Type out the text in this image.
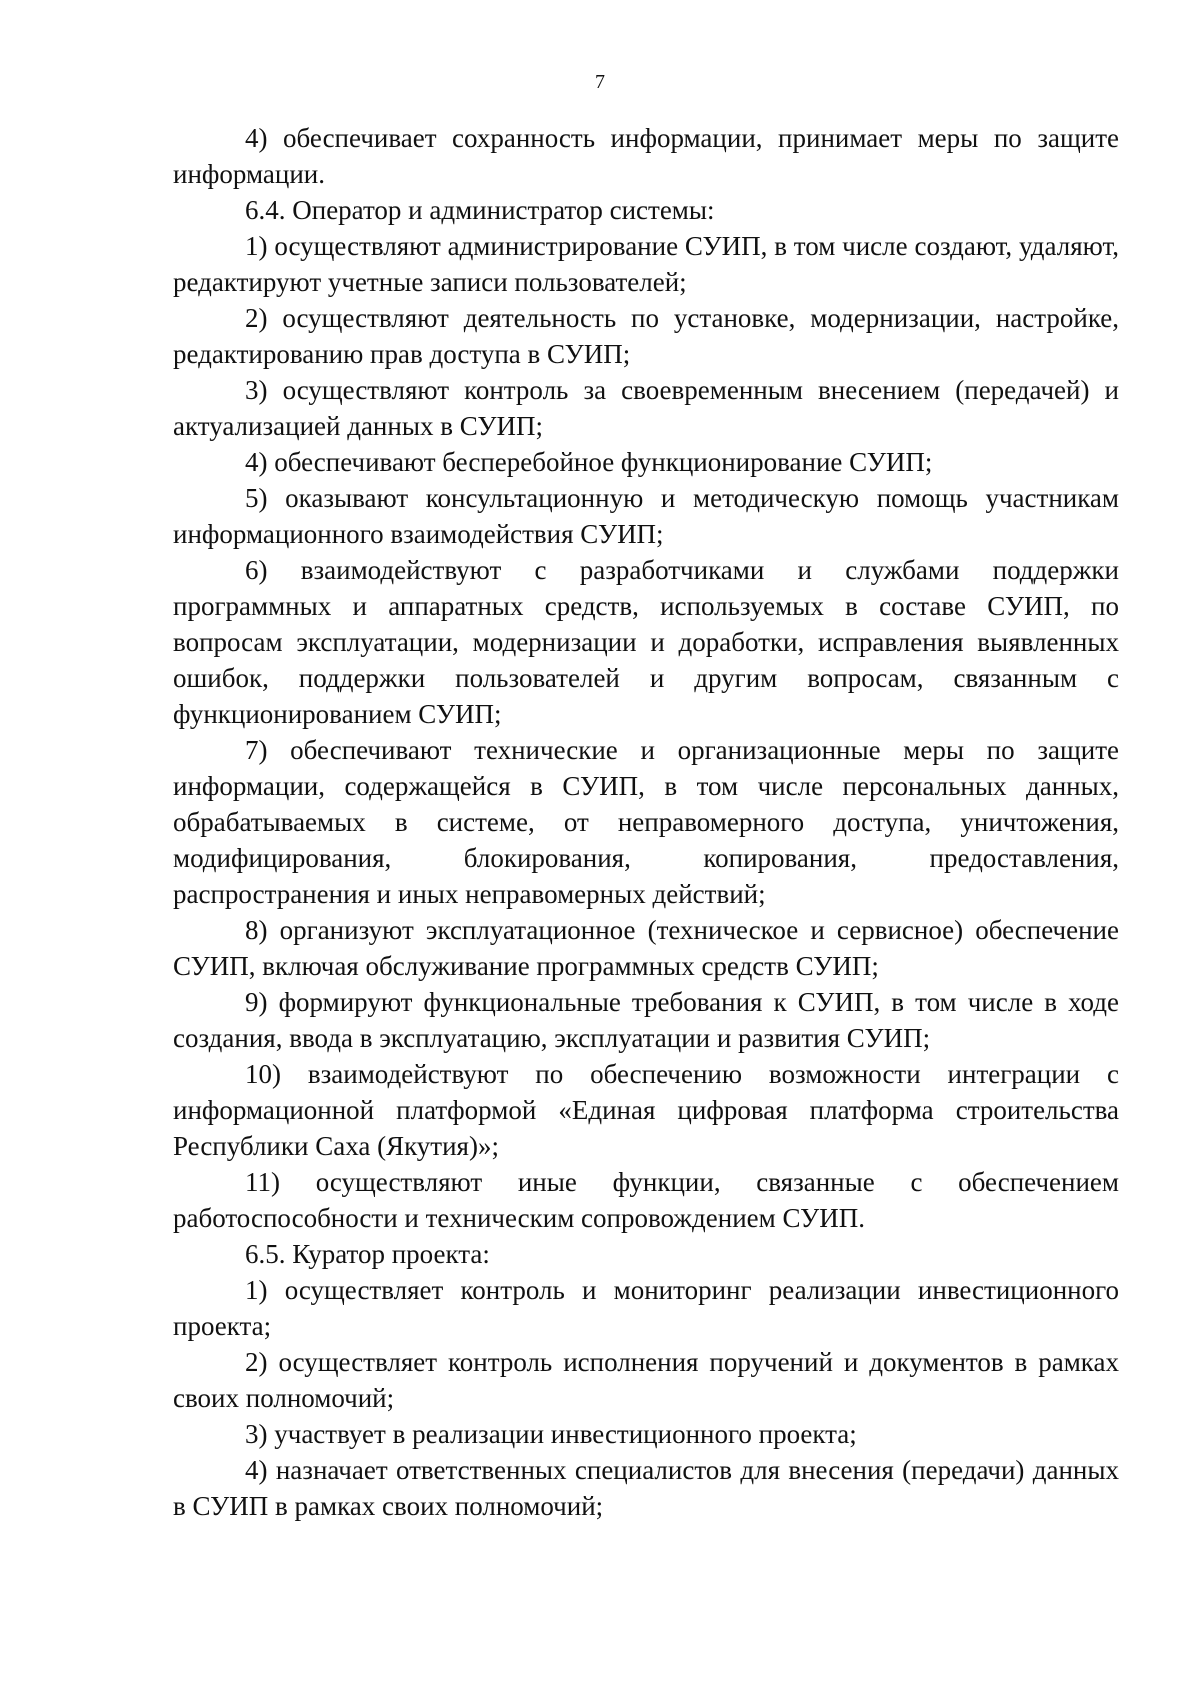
7

4) обеспечивает сохранность информации, принимает меры по защите информации.

6.4. Оператор и администратор системы:

1) осуществляют администрирование СУИП, в том числе создают, удаляют, редактируют учетные записи пользователей;

2) осуществляют деятельность по установке, модернизации, настройке, редактированию прав доступа в СУИП;

3) осуществляют контроль за своевременным внесением (передачей) и актуализацией данных в СУИП;

4) обеспечивают бесперебойное функционирование СУИП;

5) оказывают консультационную и методическую помощь участникам информационного взаимодействия СУИП;

6) взаимодействуют с разработчиками и службами поддержки программных и аппаратных средств, используемых в составе СУИП, по вопросам эксплуатации, модернизации и доработки, исправления выявленных ошибок, поддержки пользователей и другим вопросам, связанным с функционированием СУИП;

7) обеспечивают технические и организационные меры по защите информации, содержащейся в СУИП, в том числе персональных данных, обрабатываемых в системе, от неправомерного доступа, уничтожения, модифицирования, блокирования, копирования, предоставления, распространения и иных неправомерных действий;

8) организуют эксплуатационное (техническое и сервисное) обеспечение СУИП, включая обслуживание программных средств СУИП;

9) формируют функциональные требования к СУИП, в том числе в ходе создания, ввода в эксплуатацию, эксплуатации и развития СУИП;

10) взаимодействуют по обеспечению возможности интеграции с информационной платформой «Единая цифровая платформа строительства Республики Саха (Якутия)»;

11) осуществляют иные функции, связанные с обеспечением работоспособности и техническим сопровождением СУИП.

6.5. Куратор проекта:

1) осуществляет контроль и мониторинг реализации инвестиционного проекта;

2) осуществляет контроль исполнения поручений и документов в рамках своих полномочий;

3) участвует в реализации инвестиционного проекта;

4) назначает ответственных специалистов для внесения (передачи) данных в СУИП в рамках своих полномочий;
